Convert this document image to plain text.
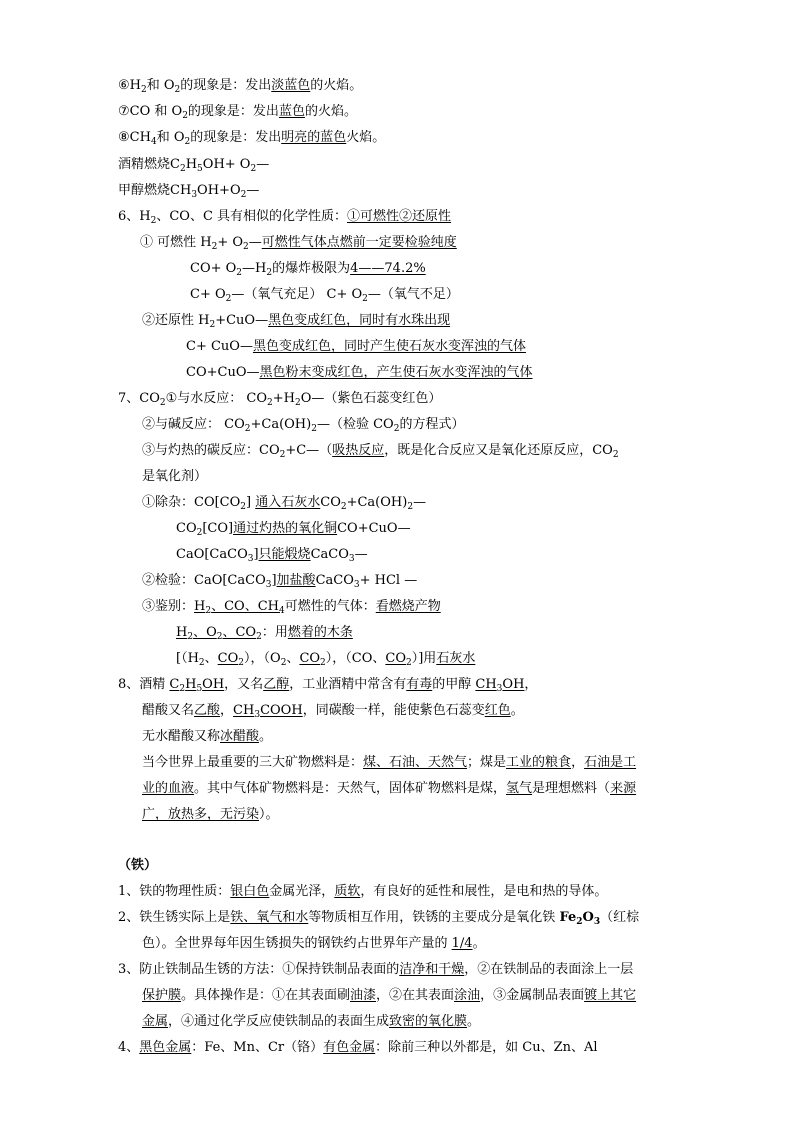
$⑥H_2$和 $O_2$的现象是：发出淡蓝色的火焰。
⑦CO 和 $O_2$的现象是：发出蓝色的火焰。
$⑧CH_4$和 $O_2$的现象是：发出明亮的蓝色火焰。
酒精燃烧$C_2H_5OH+$ $O_2—$
甲醇燃烧$CH_3OH+O_2—$
6、$H_2$、CO、C 具有相似的化学性质：①可燃性②还原性
① 可燃性 $H_2+$ $O_2—$可燃性气体点燃前一定要检验纯度
$CO+ O_2—H_2$的爆炸极限为4——74.2%
$C+ O_2—$（氧气充足） $C+ O_2—$（氧气不足）
②还原性 $H_2+CuO—$黑色变成红色，同时有水珠出现
C+ CuO—黑色变成红色，同时产生使石灰水变浑浊的气体
CO+CuO—黑色粉末变成红色，产生使石灰水变浑浊的气体
7、$CO_2①$与水反应： $CO_2+H_2O—$（紫色石蕊变红色）
②与碱反应： $CO_2+Ca(OH)_2—$（检验 $CO_2$的方程式）
③与灼热的碳反应：$CO_2+C—$（吸热反应，既是化合反应又是氧化还原反应，$CO_2$
是氧化剂）
①除杂：$CO[CO_2]$ 通入石灰水$CO_2+Ca(OH)_2—$
$CO_2[CO]$通过灼热的氧化铜CO+CuO—
CaO[CaCO$_3$]只能煅烧CaCO$_3$—
②检验：CaO[CaCO$_3$]加盐酸CaCO$_3$+ HCl —
③鉴别：$H_2$、CO、$CH_4$可燃性的气体：看燃烧产物
$H_2$、$O_2$、$CO_2$：用燃着的木条
[（$H_2$、$CO_2$），（$O_2$、$CO_2$），（CO、$CO_2$）]用石灰水
8、酒精 $C_2H_5OH$，又名乙醇，工业酒精中常含有有毒的甲醇 $CH_3OH$，
醋酸又名乙酸，$CH_3COOH$，同碳酸一样，能使紫色石蕊变红色。
无水醋酸又称冰醋酸。
当今世界上最重要的三大矿物燃料是：煤、石油、天然气；煤是工业的粮食，石油是工
业的血液。其中气体矿物燃料是：天然气，固体矿物燃料是煤，氢气是理想燃料（来源
广，放热多，无污染）。
（铁）
1、铁的物理性质：银白色金属光泽，质软，有良好的延性和展性，是电和热的导体。
2、铁生锈实际上是铁、氧气和水等物质相互作用，铁锈的主要成分是氧化铁 $Fe_2O_3$（红棕
色）。全世界每年因生锈损失的钢铁约占世界年产量的 1/4。
3、防止铁制品生锈的方法：①保持铁制品表面的洁净和干燥，②在铁制品的表面涂上一层
保护膜。具体操作是：①在其表面刷油漆，②在其表面涂油，③金属制品表面镀上其它
金属，④通过化学反应使铁制品的表面生成致密的氧化膜。
4、黑色金属：Fe、Mn、Cr（铬）有色金属：除前三种以外都是，如 Cu、Zn、Al
